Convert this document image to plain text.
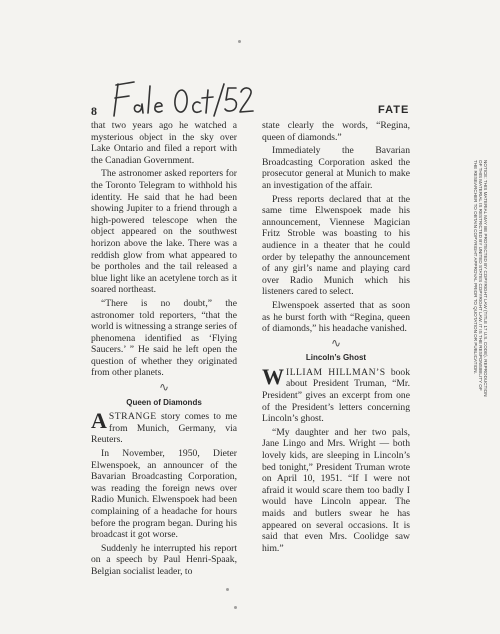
8	FATE

that two years ago he watched a mysterious object in the sky over Lake Ontario and filed a report with the Canadian Government.

The astronomer asked reporters for the Toronto Telegram to withhold his identity. He said that he had been showing Jupiter to a friend through a high-powered telescope when the object appeared on the southwest horizon above the lake. There was a reddish glow from what appeared to be portholes and the tail released a blue light like an acetylene torch as it soared northeast.

“There is no doubt,” the astronomer told reporters, “that the world is witnessing a strange series of phenomena identified as ‘Flying Saucers.’ ” He said he left open the question of whether they originated from other planets.

∿
Queen of Diamonds

A STRANGE story comes to me from Munich, Germany, via Reuters.

In November, 1950, Dieter Elwenspoek, an announcer of the Bavarian Broadcasting Corporation, was reading the foreign news over Radio Munich. Elwenspoek had been complaining of a headache for hours before the program began. During his broadcast it got worse.

Suddenly he interrupted his report on a speech by Paul Henri-Spaak, Belgian socialist leader, to

state clearly the words, “Regina, queen of diamonds.”

Immediately the Bavarian Broadcasting Corporation asked the prosecutor general at Munich to make an investigation of the affair.

Press reports declared that at the same time Elwenspoek made his announcement, Viennese Magician Fritz Stroble was boasting to his audience in a theater that he could order by telepathy the announcement of any girl’s name and playing card over Radio Munich which his listeners cared to select.

Elwenspoek asserted that as soon as he burst forth with “Regina, queen of diamonds,” his headache vanished.

∿
Lincoln’s Ghost

W ILLIAM HILLMAN’S book about President Truman, “Mr. President” gives an excerpt from one of the President’s letters concerning Lincoln’s ghost.

“My daughter and her two pals, Jane Lingo and Mrs. Wright — both lovely kids, are sleeping in Lincoln’s bed tonight,” President Truman wrote on April 10, 1951. “If I were not afraid it would scare them too badly I would have Lincoln appear. The maids and butlers swear he has appeared on several occasions. It is said that even Mrs. Coolidge saw him.”

NOTICE: THIS MATERIAL MAY BE PROTECTED BY COPYRIGHT LAW (TITLE 17 U.S. CODE). REPRODUCTION OF THIS MATERIAL IS RESTRICTED BY UNITED STATES COPYRIGHT LAW. IT IS THE RESPONSIBILITY OF THE RESEARCHER TO OBTAIN COPYRIGHT APPROVAL PRIOR TO QUOTATION OR PUBLICATION.
